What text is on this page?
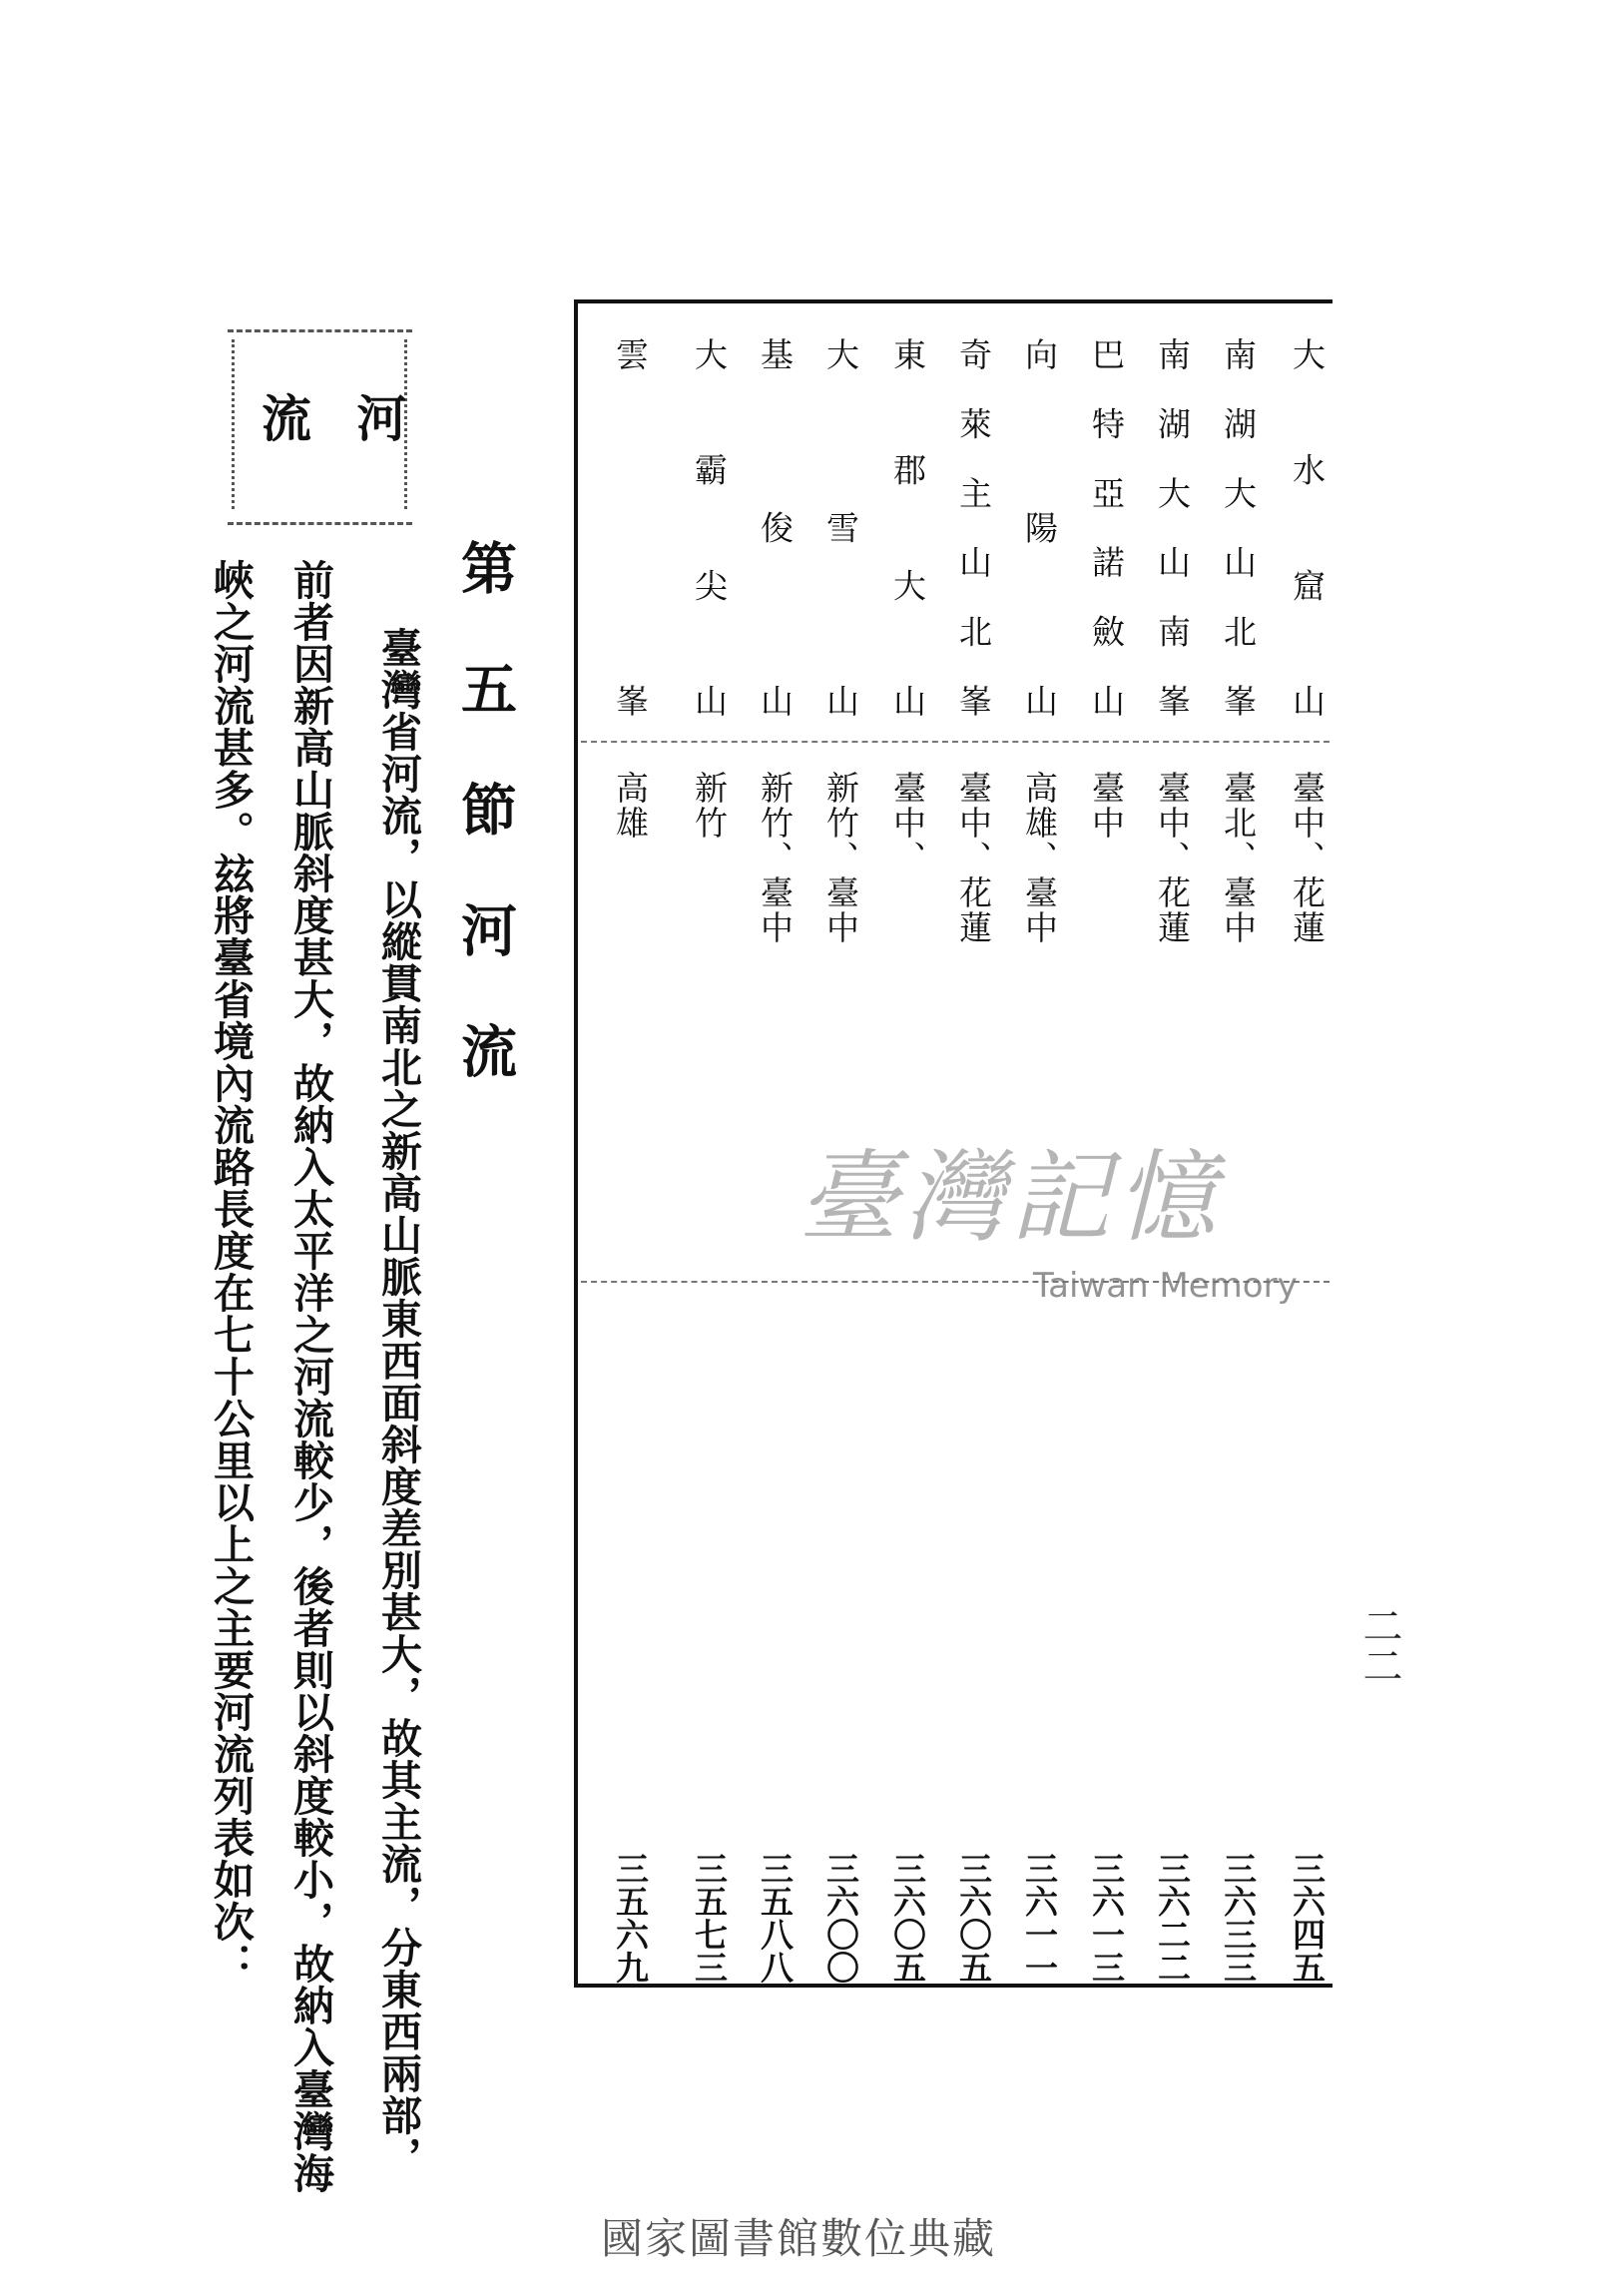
大水窟山
臺中、花蓮
三六四五
南湖大山北峯
臺北、臺中
三六三三
南湖大山南峯
臺中、花蓮
三六二二
巴特亞諾斂山
臺中
三六一三
向陽山
高雄、臺中
三六一一
奇萊主山北峯
臺中、花蓮
三六〇五
東郡大山
臺中、
三六〇五
大雪山
新竹、臺中
三六〇〇
基俊山
新竹、臺中
三五八八
大霸尖山
新竹
三五七三
雲峯
高雄
三五六九
二二
臺灣記憶
Taiwan Memory
第五節河流
臺灣省河流，以縱貫南北之新高山脈東西面斜度差別甚大，故其主流，分東西兩部，
前者因新高山脈斜度甚大，故納入太平洋之河流較少，後者則以斜度較小，故納入臺灣海
峽之河流甚多。玆將臺省境內流路長度在七十公里以上之主要河流列表如次：
流 河
國家圖書館數位典藏
